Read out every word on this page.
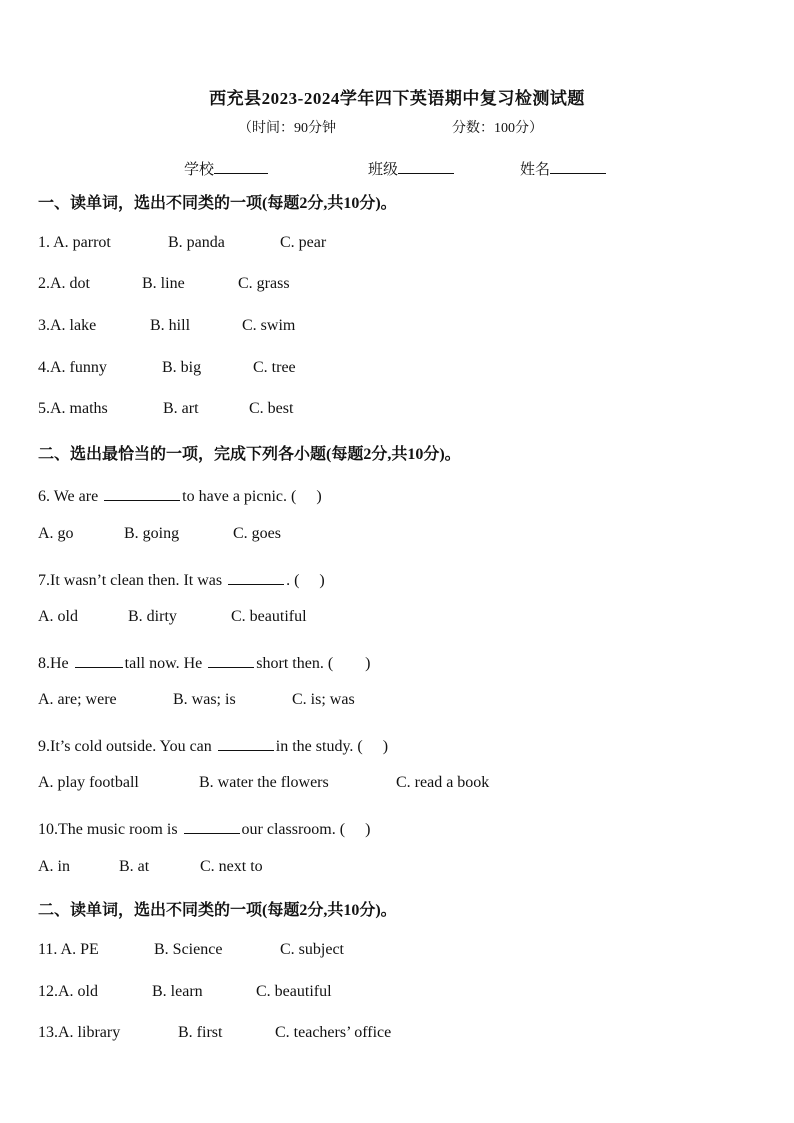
西充县2023-2024学年四下英语期中复习检测试题
（时间：90分钟	分数：100分）
学校	班级	姓名
一、读单词，选出不同类的一项(每题2分,共10分)。
1. A. parrot	B. panda	C. pear
2.A. dot	B. line	C. grass
3.A. lake	B. hill	C. swim
4.A. funny	B. big	C. tree
5.A. maths	B. art	C. best
二、选出最恰当的一项，完成下列各小题(每题2分,共10分)。
6. We are	to have a picnic. (　 )
A. go	B. going	C. goes
7.It wasn’t clean then. It was	. (　 )
A. old	B. dirty	C. beautiful
8.He	tall now. He	short then. (　　)
A. are; were	B. was; is	C. is; was
9.It’s cold outside. You can	in the study. (　 )
A. play football	B. water the flowers	C. read a book
10.The music room is	our classroom. (　 )
A. in	B. at	C. next to
二、读单词，选出不同类的一项(每题2分,共10分)。
11. A. PE	B. Science	C. subject
12.A. old	B. learn	C. beautiful
13.A. library	B. first	C. teachers’ office
